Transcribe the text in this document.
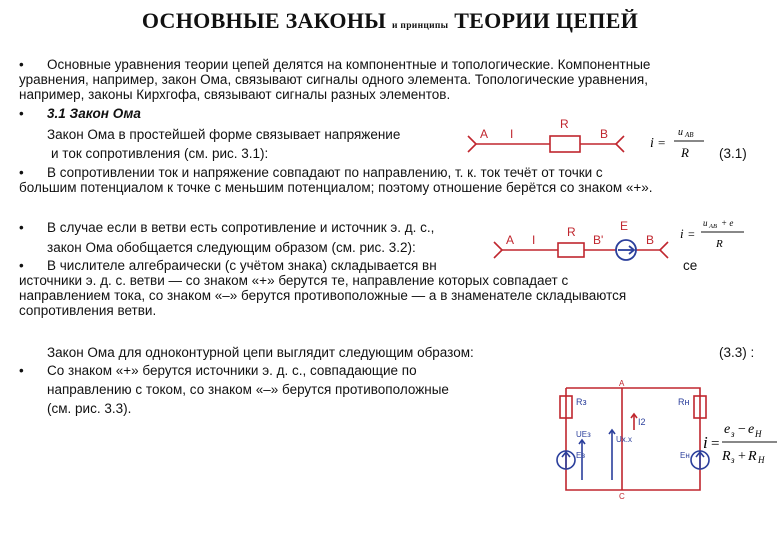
ОСНОВНЫЕ ЗАКОНЫ и принципы ТЕОРИИ ЦЕПЕЙ
• Основные уравнения теории цепей делятся на компонентные и топологические. Компонентные
уравнения, например, закон Ома, связывают сигналы одного элемента. Топологические уравнения,
например, законы Кирхгофа, связывают сигналы разных элементов.
• 3.1 Закон Ома
Закон Ома в простейшей форме связывает напряжение
и ток сопротивления (см. рис. 3.1):	(3.1)
• В сопротивлении ток и напряжение совпадают по направлению, т. к. ток течёт от точки с
большим потенциалом к точке с меньшим потенциалом; поэтому отношение берётся со знаком «+».
A I
R
B
i =
u AB
R
• В случае если в ветви есть сопротивление и источник э. д. с.,
закон Ома обобщается следующим образом (см. рис. 3.2):
• В числителе алгебраически (с учётом знака) складывается вн	се
источники э. д. с. ветви — со знаком «+» берутся те, направление которых совпадает с
направлением тока, со знаком «–» берутся противоположные — а в знаменателе складываются
сопротивления ветви.
A I
R
B'
E
B i =
u AB + e
R
Закон Ома для одноконтурной цепи выглядит следующим образом:	(3.3) :
• Со знаком «+» берутся источники э. д. с., совпадающие по
направлению с током, со знаком «–» берутся противоположные
(см. рис. 3.3).
A
Rз	Rн
I2
UEз
Uх.х
Eз	Eн
C
i =
e з − e Н
R з + R Н
